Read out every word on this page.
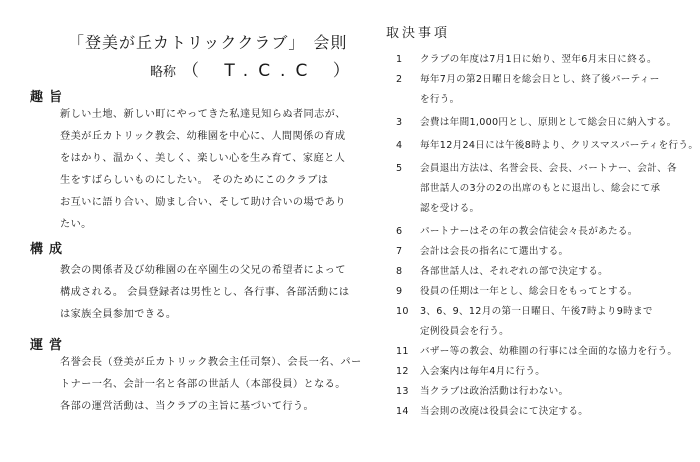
「登美が丘カトリッククラブ」 会則
略称 （ T.C.C ）
趣旨
新しい土地、新しい町にやってきた私達見知らぬ者同志が、
登美が丘カトリック教会、幼稚園を中心に、人間関係の育成
をはかり、温かく、美しく、楽しい心を生み育て、家庭と人
生をすばらしいものにしたい。 そのためにこのクラブは
お互いに語り合い、励まし合い、そして助け合いの場であり
たい。
構成
教会の関係者及び幼稚園の在卒園生の父兄の希望者によって
構成される。 会員登録者は男性とし、各行事、各部活動には
は家族全員参加できる。
運営
名誉会長（登美が丘カトリック教会主任司祭）、会長一名、パー
トナー一名、会計一名と各部の世話人（本部役員）となる。
各部の運営活動は、当クラブの主旨に基づいて行う。
取決事項
1	クラブの年度は7月1日に始り、翌年6月末日に終る。
2	毎年7月の第2日曜日を総会日とし、終了後パーティー
を行う。
3	会費は年間1,000円とし、原則として総会日に納入する。
4	毎年12月24日には午後8時より、クリスマスパーティを行う。
5	会員退出方法は、名誉会長、会長、パートナー、会計、各
部世話人の3分の2の出席のもとに退出し、総会にて承
認を受ける。
6	パートナーはその年の教会信徒会々長があたる。
7	会計は会長の指名にて選出する。
8	各部世話人は、それぞれの部で決定する。
9	役員の任期は一年とし、総会日をもってとする。
10	3、6、9、12月の第一日曜日、午後7時より9時まで
定例役員会を行う。
11	バザー等の教会、幼稚園の行事には全面的な協力を行う。
12	入会案内は毎年4月に行う。
13	当クラブは政治活動は行わない。
14	当会則の改廃は役員会にて決定する。
